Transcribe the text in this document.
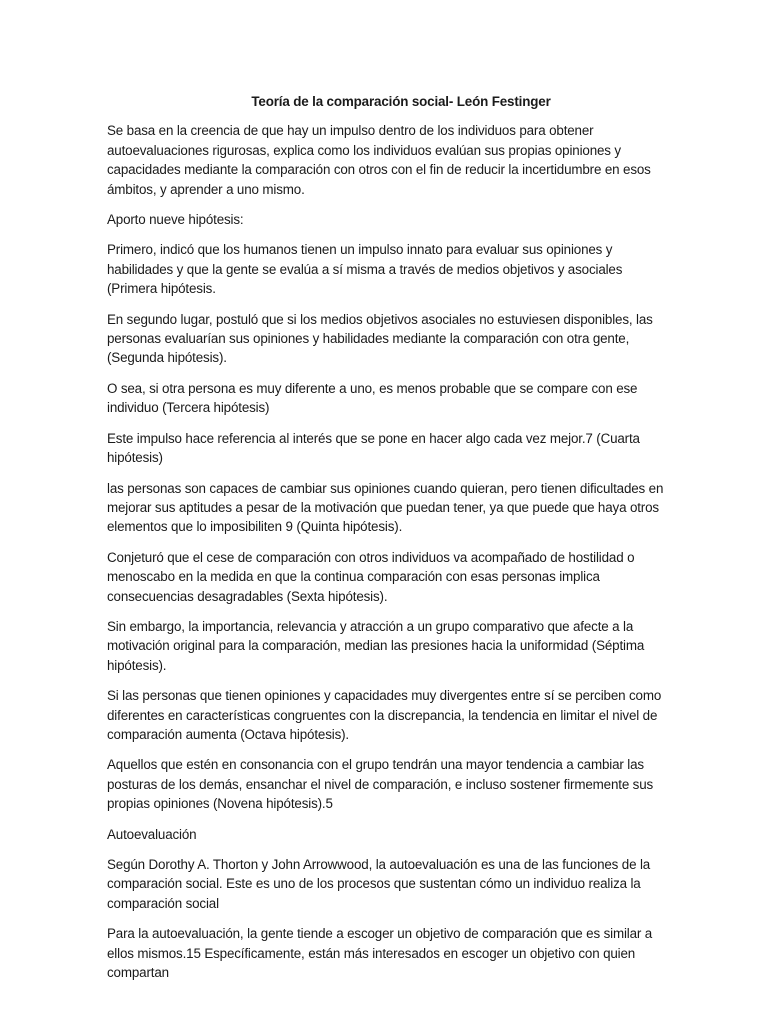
Teoría de la comparación social- León Festinger
Se basa en la creencia de que hay un impulso dentro de los individuos para obtener autoevaluaciones rigurosas, explica como los individuos evalúan sus propias opiniones y capacidades mediante la comparación con otros con el fin de reducir la incertidumbre en esos ámbitos, y aprender a uno mismo.
Aporto nueve hipótesis:
Primero, indicó que los humanos tienen un impulso innato para evaluar sus opiniones y habilidades y que la gente se evalúa a sí misma a través de medios objetivos y asociales (Primera hipótesis.
En segundo lugar, postuló que si los medios objetivos asociales no estuviesen disponibles, las personas evaluarían sus opiniones y habilidades mediante la comparación con otra gente, (Segunda hipótesis).
O sea, si otra persona es muy diferente a uno, es menos probable que se compare con ese individuo (Tercera hipótesis)
Este impulso hace referencia al interés que se pone en hacer algo cada vez mejor.7 (Cuarta hipótesis)
las personas son capaces de cambiar sus opiniones cuando quieran, pero tienen dificultades en mejorar sus aptitudes a pesar de la motivación que puedan tener, ya que puede que haya otros elementos que lo imposibiliten 9 (Quinta hipótesis).
Conjeturó que el cese de comparación con otros individuos va acompañado de hostilidad o menoscabo en la medida en que la continua comparación con esas personas implica consecuencias desagradables (Sexta hipótesis).
Sin embargo, la importancia, relevancia y atracción a un grupo comparativo que afecte a la motivación original para la comparación, median las presiones hacia la uniformidad (Séptima hipótesis).
Si las personas que tienen opiniones y capacidades muy divergentes entre sí se perciben como diferentes en características congruentes con la discrepancia, la tendencia en limitar el nivel de comparación aumenta (Octava hipótesis).
Aquellos que estén en consonancia con el grupo tendrán una mayor tendencia a cambiar las posturas de los demás, ensanchar el nivel de comparación, e incluso sostener firmemente sus propias opiniones (Novena hipótesis).5
Autoevaluación
Según Dorothy A. Thorton y John Arrowwood, la autoevaluación es una de las funciones de la comparación social. Este es uno de los procesos que sustentan cómo un individuo realiza la comparación social
Para la autoevaluación, la gente tiende a escoger un objetivo de comparación que es similar a ellos mismos.15 Específicamente, están más interesados en escoger un objetivo con quien compartan
